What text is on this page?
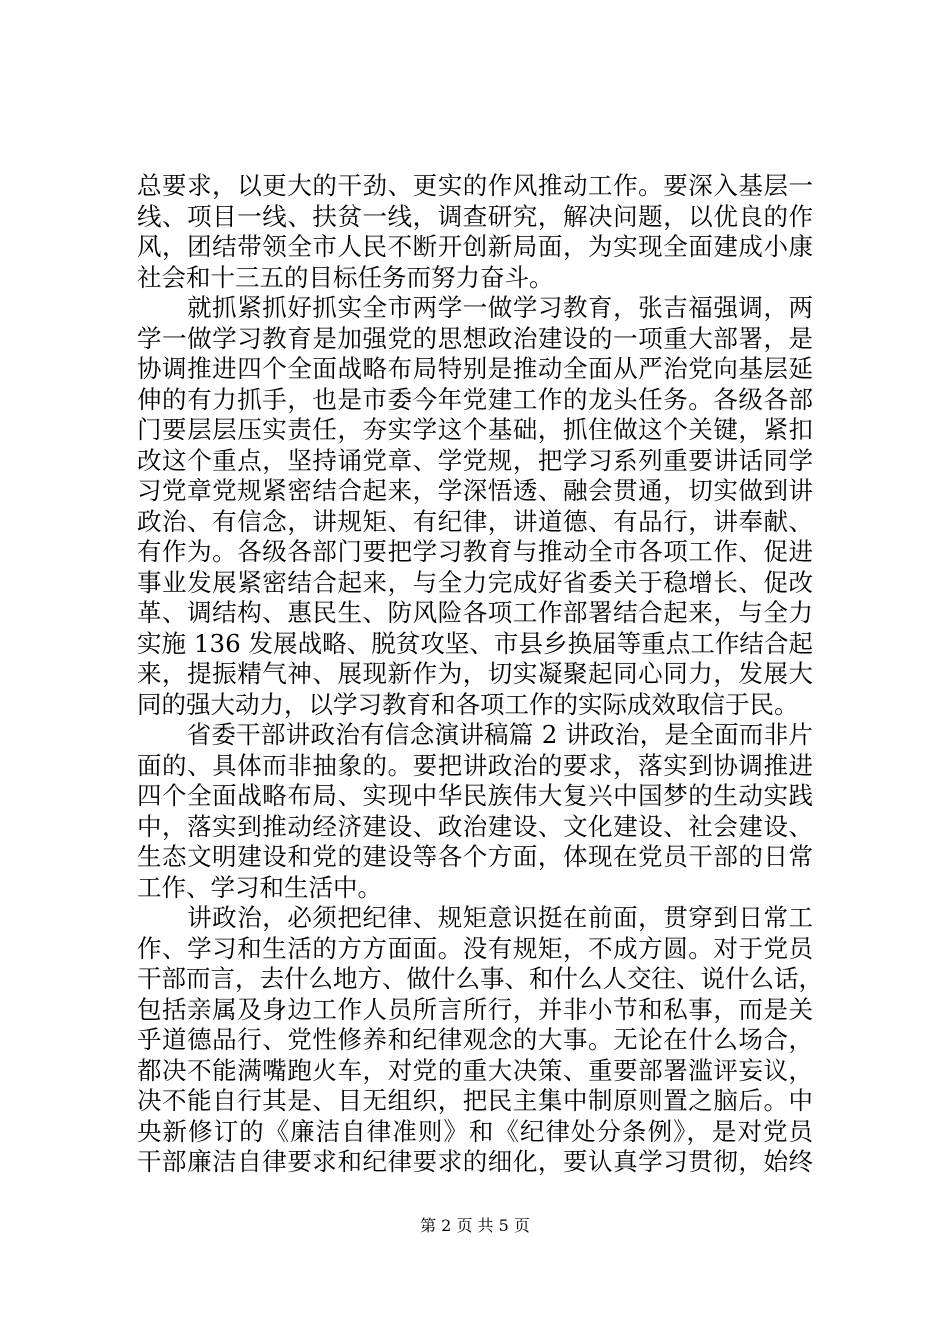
总要求，以更大的干劲、更实的作风推动工作。要深入基层一
线、项目一线、扶贫一线，调查研究，解决问题，以优良的作
风，团结带领全市人民不断开创新局面，为实现全面建成小康
社会和十三五的目标任务而努力奋斗。
　　就抓紧抓好抓实全市两学一做学习教育，张吉福强调，两
学一做学习教育是加强党的思想政治建设的一项重大部署，是
协调推进四个全面战略布局特别是推动全面从严治党向基层延
伸的有力抓手，也是市委今年党建工作的龙头任务。各级各部
门要层层压实责任，夯实学这个基础，抓住做这个关键，紧扣
改这个重点，坚持诵党章、学党规，把学习系列重要讲话同学
习党章党规紧密结合起来，学深悟透、融会贯通，切实做到讲
政治、有信念，讲规矩、有纪律，讲道德、有品行，讲奉献、
有作为。各级各部门要把学习教育与推动全市各项工作、促进
事业发展紧密结合起来，与全力完成好省委关于稳增长、促改
革、调结构、惠民生、防风险各项工作部署结合起来，与全力
实施 136 发展战略、脱贫攻坚、市县乡换届等重点工作结合起
来，提振精气神、展现新作为，切实凝聚起同心同力，发展大
同的强大动力，以学习教育和各项工作的实际成效取信于民。
　　省委干部讲政治有信念演讲稿篇 2 讲政治，是全面而非片
面的、具体而非抽象的。要把讲政治的要求，落实到协调推进
四个全面战略布局、实现中华民族伟大复兴中国梦的生动实践
中，落实到推动经济建设、政治建设、文化建设、社会建设、
生态文明建设和党的建设等各个方面，体现在党员干部的日常
工作、学习和生活中。
　　讲政治，必须把纪律、规矩意识挺在前面，贯穿到日常工
作、学习和生活的方方面面。没有规矩，不成方圆。对于党员
干部而言，去什么地方、做什么事、和什么人交往、说什么话，
包括亲属及身边工作人员所言所行，并非小节和私事，而是关
乎道德品行、党性修养和纪律观念的大事。无论在什么场合，
都决不能满嘴跑火车，对党的重大决策、重要部署滥评妄议，
决不能自行其是、目无组织，把民主集中制原则置之脑后。中
央新修订的《廉洁自律准则》和《纪律处分条例》，是对党员
干部廉洁自律要求和纪律要求的细化，要认真学习贯彻，始终
第 2 页 共 5 页
